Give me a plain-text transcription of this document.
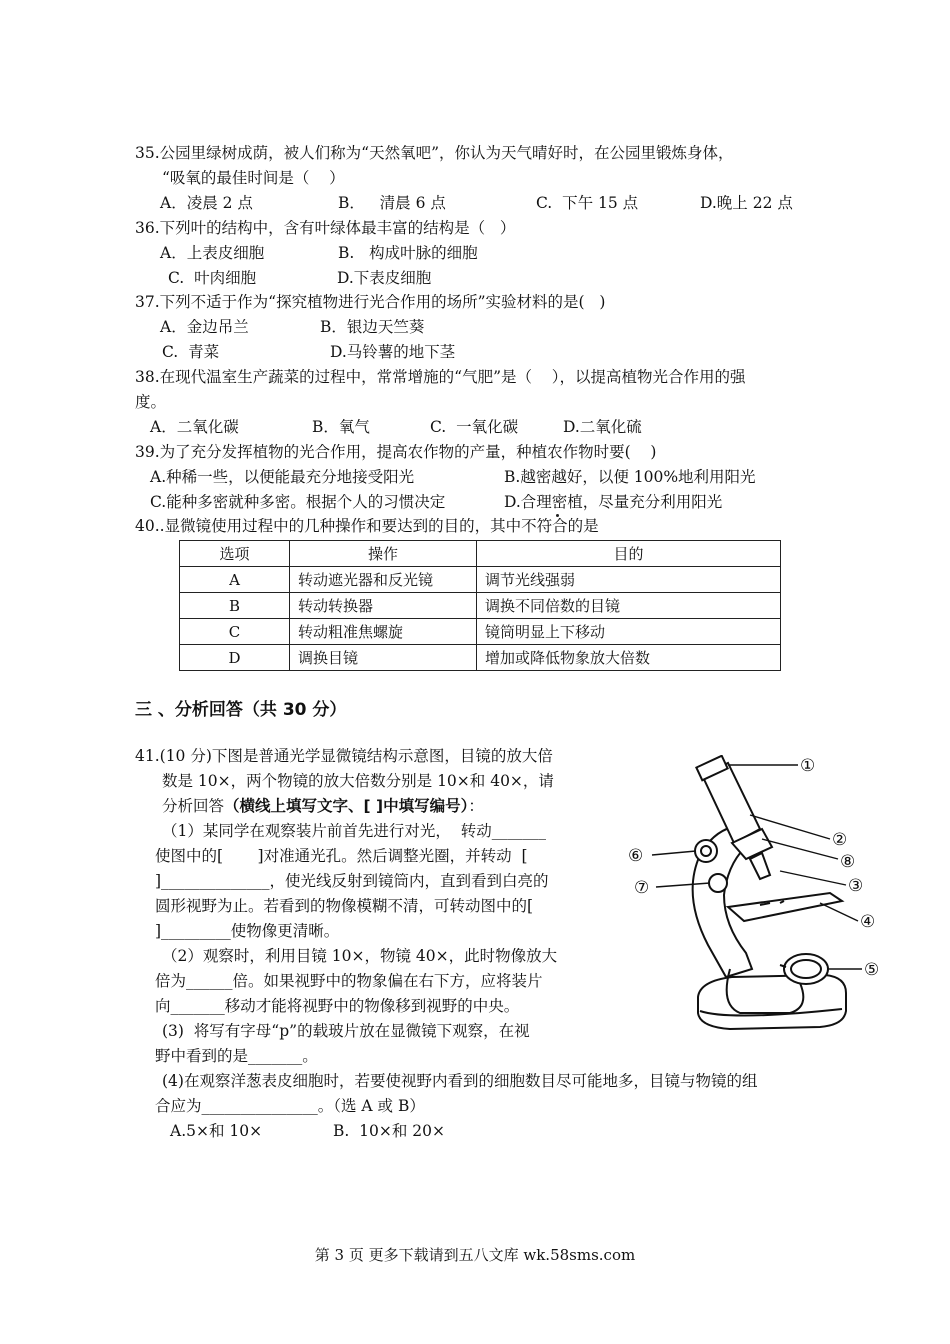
35.公园里绿树成荫，被人们称为“天然氧吧”，你认为天气晴好时，在公园里锻炼身体，
“吸氧的最佳时间是（    ）
A．凌晨 2 点	B．   清晨 6 点	C.  下午 15 点	D.晚上 22 点
36.下列叶的结构中，含有叶绿体最丰富的结构是（   ）
A．上表皮细胞	B.   构成叶脉的细胞
C.  叶肉细胞	D.下表皮细胞
37.下列不适于作为“探究植物进行光合作用的场所”实验材料的是(   )
A．金边吊兰	B．银边天竺葵
C.  青菜	D.马铃薯的地下茎
38.在现代温室生产蔬菜的过程中，常常增施的“气肥”是（    ），以提高植物光合作用的强
度。
A．二氧化碳	B．氧气	C.  一氧化碳	D.二氧化硫
39.为了充分发挥植物的光合作用，提高农作物的产量，种植农作物时要(    )
A.种稀一些，以便能最充分地接受阳光	B.越密越好，以便 100%地利用阳光
C.能种多密就种多密。根据个人的习惯决定	D.合理密植，尽量充分利用阳光
40..显微镜使用过程中的几种操作和要达到的目的，其中不符合的是
选项	操作	目的
A	转动遮光器和反光镜	调节光线强弱
B	转动转换器	调换不同倍数的目镜
C	转动粗准焦螺旋	镜筒明显上下移动
D	调换目镜	增加或降低物象放大倍数
三 、分析回答（共 30 分）
41.(10 分)下图是普通光学显微镜结构示意图，目镜的放大倍
数是 10×，两个物镜的放大倍数分别是 10×和 40×，请
分析回答（横线上填写文字、[ ]中填写编号）：
（1）某同学在观察装片前首先进行对光，  转动_______
使图中的[       ]对准通光孔。然后调整光圈，并转动  [
]______________，使光线反射到镜筒内，直到看到白亮的
圆形视野为止。若看到的物像模糊不清，可转动图中的[
]_________使物像更清晰。
（2）观察时，利用目镜 10×，物镜 40×，此时物像放大
倍为______倍。如果视野中的物象偏在右下方，应将装片
向_______移动才能将视野中的物像移到视野的中央。
(3)  将写有字母“p”的载玻片放在显微镜下观察，在视
野中看到的是_______。
(4)在观察洋葱表皮细胞时，若要使视野内看到的细胞数目尽可能地多，目镜与物镜的组
合应为_______________。（选 A 或 B）
A.5×和 10×	B.  10×和 20×
①
②
③
④
⑤
⑥
⑦
⑧
第 3 页 更多下载请到五八文库 wk.58sms.com
